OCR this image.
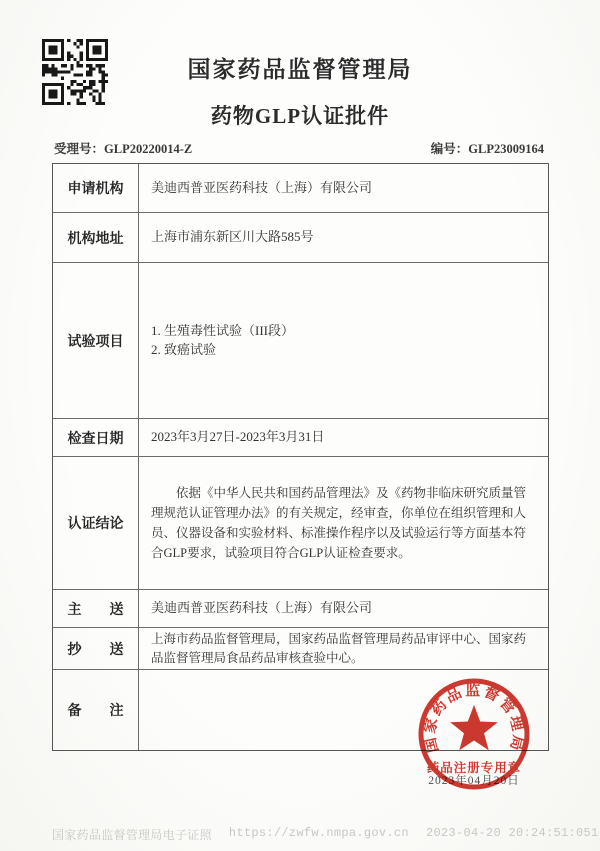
国家药品监督管理局
药物GLP认证批件
受理号：GLP20220014-Z	编号：GLP23009164
申请机构 美迪西普亚医药科技（上海）有限公司
机构地址 上海市浦东新区川大路585号
试验项目
1. 生殖毒性试验（III段）
2. 致癌试验
检查日期 2023年3月27日-2023年3月31日
认证结论
依据《中华人民共和国药品管理法》及《药物非临床研究质量管理规范认证管理办法》的有关规定，经审查，你单位在组织管理和人员、仪器设备和实验材料、标准操作程序以及试验运行等方面基本符合GLP要求，试验项目符合GLP认证检查要求。
主送 美迪西普亚医药科技（上海）有限公司
抄送
上海市药品监督管理局，国家药品监督管理局药品审评中心、国家药品监督管理局食品药品审核查验中心。
备注
2023年04月20日
国家药品监督管理局
药品注册专用章
国家药品监督管理局电子证照 https://zwfw.nmpa.gov.cn 2023-04-20 20:24:51:051
